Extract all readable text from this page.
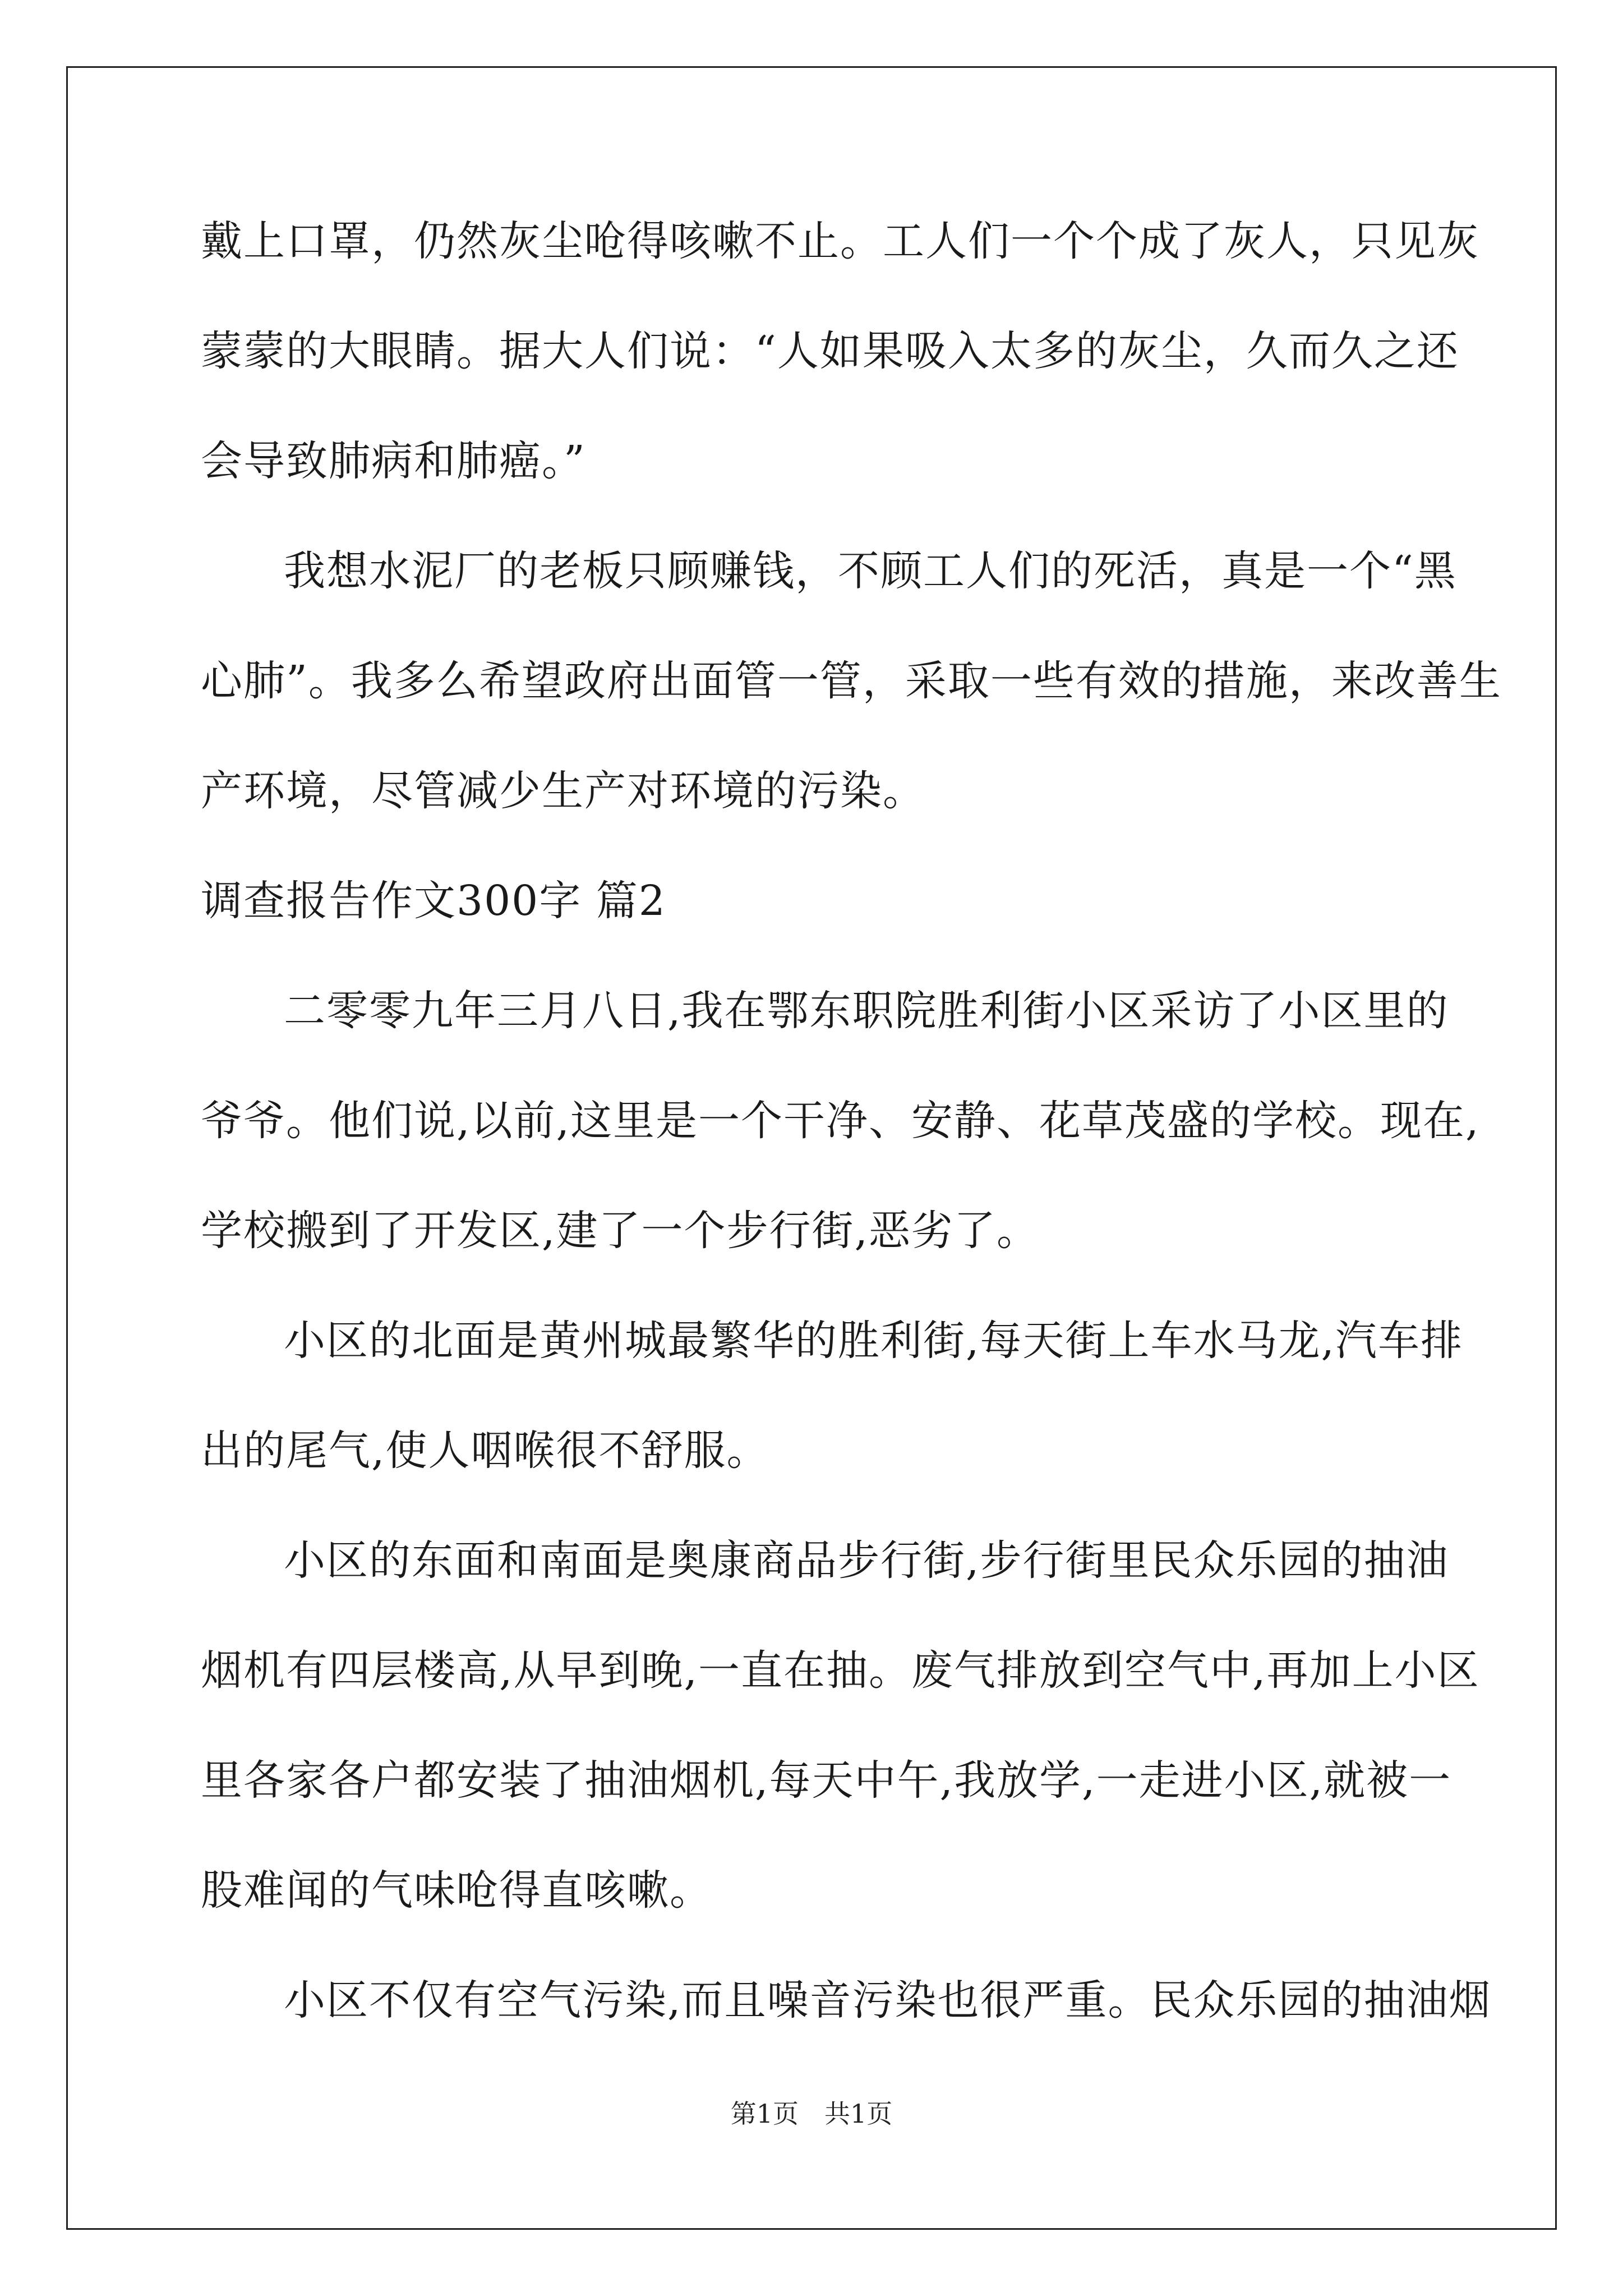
戴上口罩，仍然灰尘呛得咳嗽不止。工人们一个个成了灰人，只见灰
蒙蒙的大眼睛。据大人们说：“人如果吸入太多的灰尘，久而久之还
会导致肺病和肺癌。”
我想水泥厂的老板只顾赚钱，不顾工人们的死活，真是一个“黑
心肺”。我多么希望政府出面管一管，采取一些有效的措施，来改善生
产环境，尽管减少生产对环境的污染。
调查报告作文300字 篇2
二零零九年三月八日,我在鄂东职院胜利街小区采访了小区里的
爷爷。他们说,以前,这里是一个干净、安静、花草茂盛的学校。现在,
学校搬到了开发区,建了一个步行街,恶劣了。
小区的北面是黄州城最繁华的胜利街,每天街上车水马龙,汽车排
出的尾气,使人咽喉很不舒服。
小区的东面和南面是奥康商品步行街,步行街里民众乐园的抽油
烟机有四层楼高,从早到晚,一直在抽。废气排放到空气中,再加上小区
里各家各户都安装了抽油烟机,每天中午,我放学,一走进小区,就被一
股难闻的气味呛得直咳嗽。
小区不仅有空气污染,而且噪音污染也很严重。民众乐园的抽油烟
第1页 共1页
